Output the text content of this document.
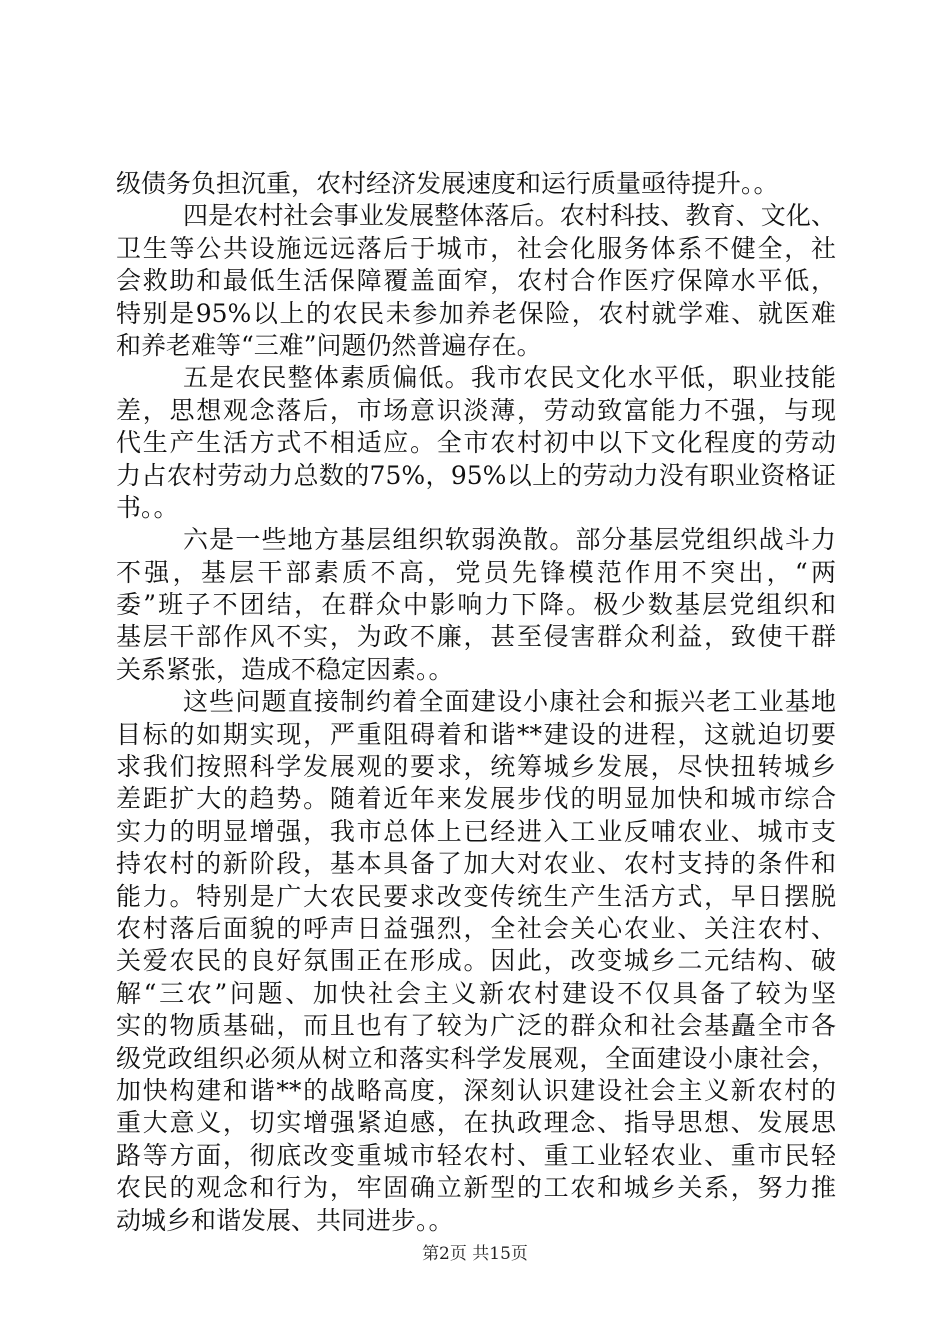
级债务负担沉重，农村经济发展速度和运行质量亟待提升。。
四是农村社会事业发展整体落后。农村科技、教育、文化、
卫生等公共设施远远落后于城市，社会化服务体系不健全，社
会救助和最低生活保障覆盖面窄，农村合作医疗保障水平低，
特别是95%以上的农民未参加养老保险，农村就学难、就医难
和养老难等“三难”问题仍然普遍存在。
五是农民整体素质偏低。我市农民文化水平低，职业技能
差，思想观念落后，市场意识淡薄，劳动致富能力不强，与现
代生产生活方式不相适应。全市农村初中以下文化程度的劳动
力占农村劳动力总数的75%，95%以上的劳动力没有职业资格证
书。。
六是一些地方基层组织软弱涣散。部分基层党组织战斗力
不强，基层干部素质不高，党员先锋模范作用不突出，“两
委”班子不团结，在群众中影响力下降。极少数基层党组织和
基层干部作风不实，为政不廉，甚至侵害群众利益，致使干群
关系紧张，造成不稳定因素。。
这些问题直接制约着全面建设小康社会和振兴老工业基地
目标的如期实现，严重阻碍着和谐**建设的进程，这就迫切要
求我们按照科学发展观的要求，统筹城乡发展，尽快扭转城乡
差距扩大的趋势。随着近年来发展步伐的明显加快和城市综合
实力的明显增强，我市总体上已经进入工业反哺农业、城市支
持农村的新阶段，基本具备了加大对农业、农村支持的条件和
能力。特别是广大农民要求改变传统生产生活方式，早日摆脱
农村落后面貌的呼声日益强烈，全社会关心农业、关注农村、
关爱农民的良好氛围正在形成。因此，改变城乡二元结构、破
解“三农”问题、加快社会主义新农村建设不仅具备了较为坚
实的物质基础，而且也有了较为广泛的群众和社会基矗全市各
级党政组织必须从树立和落实科学发展观，全面建设小康社会，
加快构建和谐**的战略高度，深刻认识建设社会主义新农村的
重大意义，切实增强紧迫感，在执政理念、指导思想、发展思
路等方面，彻底改变重城市轻农村、重工业轻农业、重市民轻
农民的观念和行为，牢固确立新型的工农和城乡关系，努力推
动城乡和谐发展、共同进步。。
第2页 共15页
